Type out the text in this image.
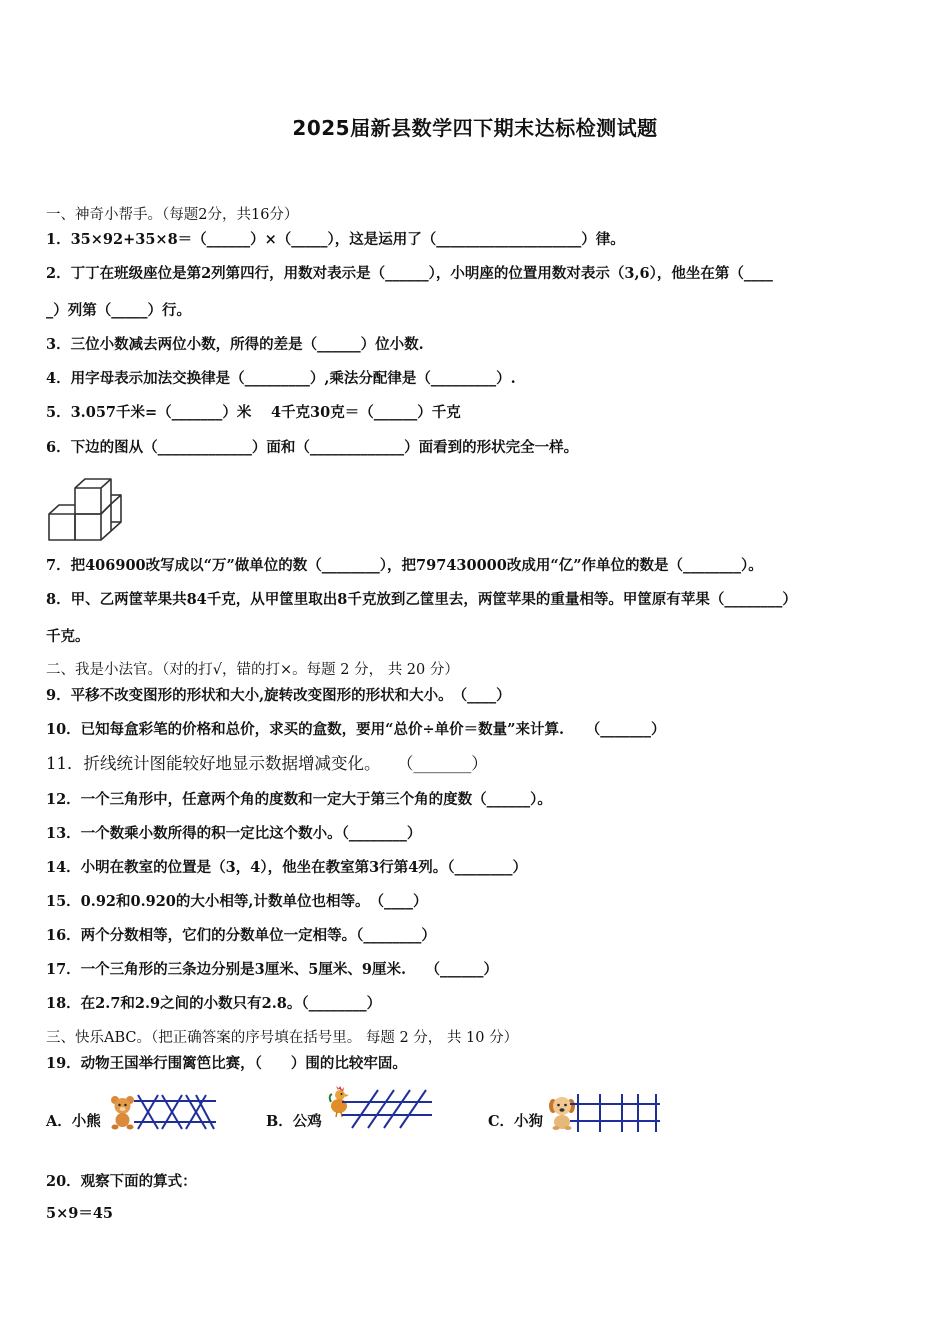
2025届新县数学四下期末达标检测试题
一、神奇小帮手。（每题2分，共16分）
1．35×92+35×8＝（______）×（_____），这是运用了（____________________）律。
2．丁丁在班级座位是第2列第四行，用数对表示是（______），小明座的位置用数对表示（3,6），他坐在第（____
_）列第（_____）行。
3．三位小数减去两位小数，所得的差是（______）位小数.
4．用字母表示加法交换律是（_________）,乘法分配律是（_________）.
5．3.057千米=（_______）米　 4千克30克＝（______）千克
6．下边的图从（_____________）面和（_____________）面看到的形状完全一样。
7．把406900改写成以“万”做单位的数（________），把797430000改成用“亿”作单位的数是（________）。
8．甲、乙两筐苹果共84千克，从甲筐里取出8千克放到乙筐里去，两筐苹果的重量相等。甲筐原有苹果（________）
千克。
二、我是小法官。（对的打√，错的打×。每题 2 分， 共 20 分）
9．平移不改变图形的形状和大小,旋转改变图形的形状和大小。　（____）
10．已知每盒彩笔的价格和总价，求买的盒数，要用“总价÷单价＝数量”来计算.　　（_______）
11．折线统计图能较好地显示数据增减变化。　　（_______）
12．一个三角形中，任意两个角的度数和一定大于第三个角的度数（______）。
13．一个数乘小数所得的积一定比这个数小。（________）
14．小明在教室的位置是（3，4），他坐在教室第3行第4列。（________）
15．0.92和0.920的大小相等,计数单位也相等。　（____）
16．两个分数相等，它们的分数单位一定相等。（________）
17．一个三角形的三条边分别是3厘米、5厘米、9厘米.　 （______）
18．在2.7和2.9之间的小数只有2.8。（________）
三、快乐ABC。（把正确答案的序号填在括号里。 每题 2 分， 共 10 分）
19．动物王国举行围篱笆比赛，（　　）围的比较牢固。
A．小熊	B．公鸡	C．小狗
20．观察下面的算式：
5×9＝45
